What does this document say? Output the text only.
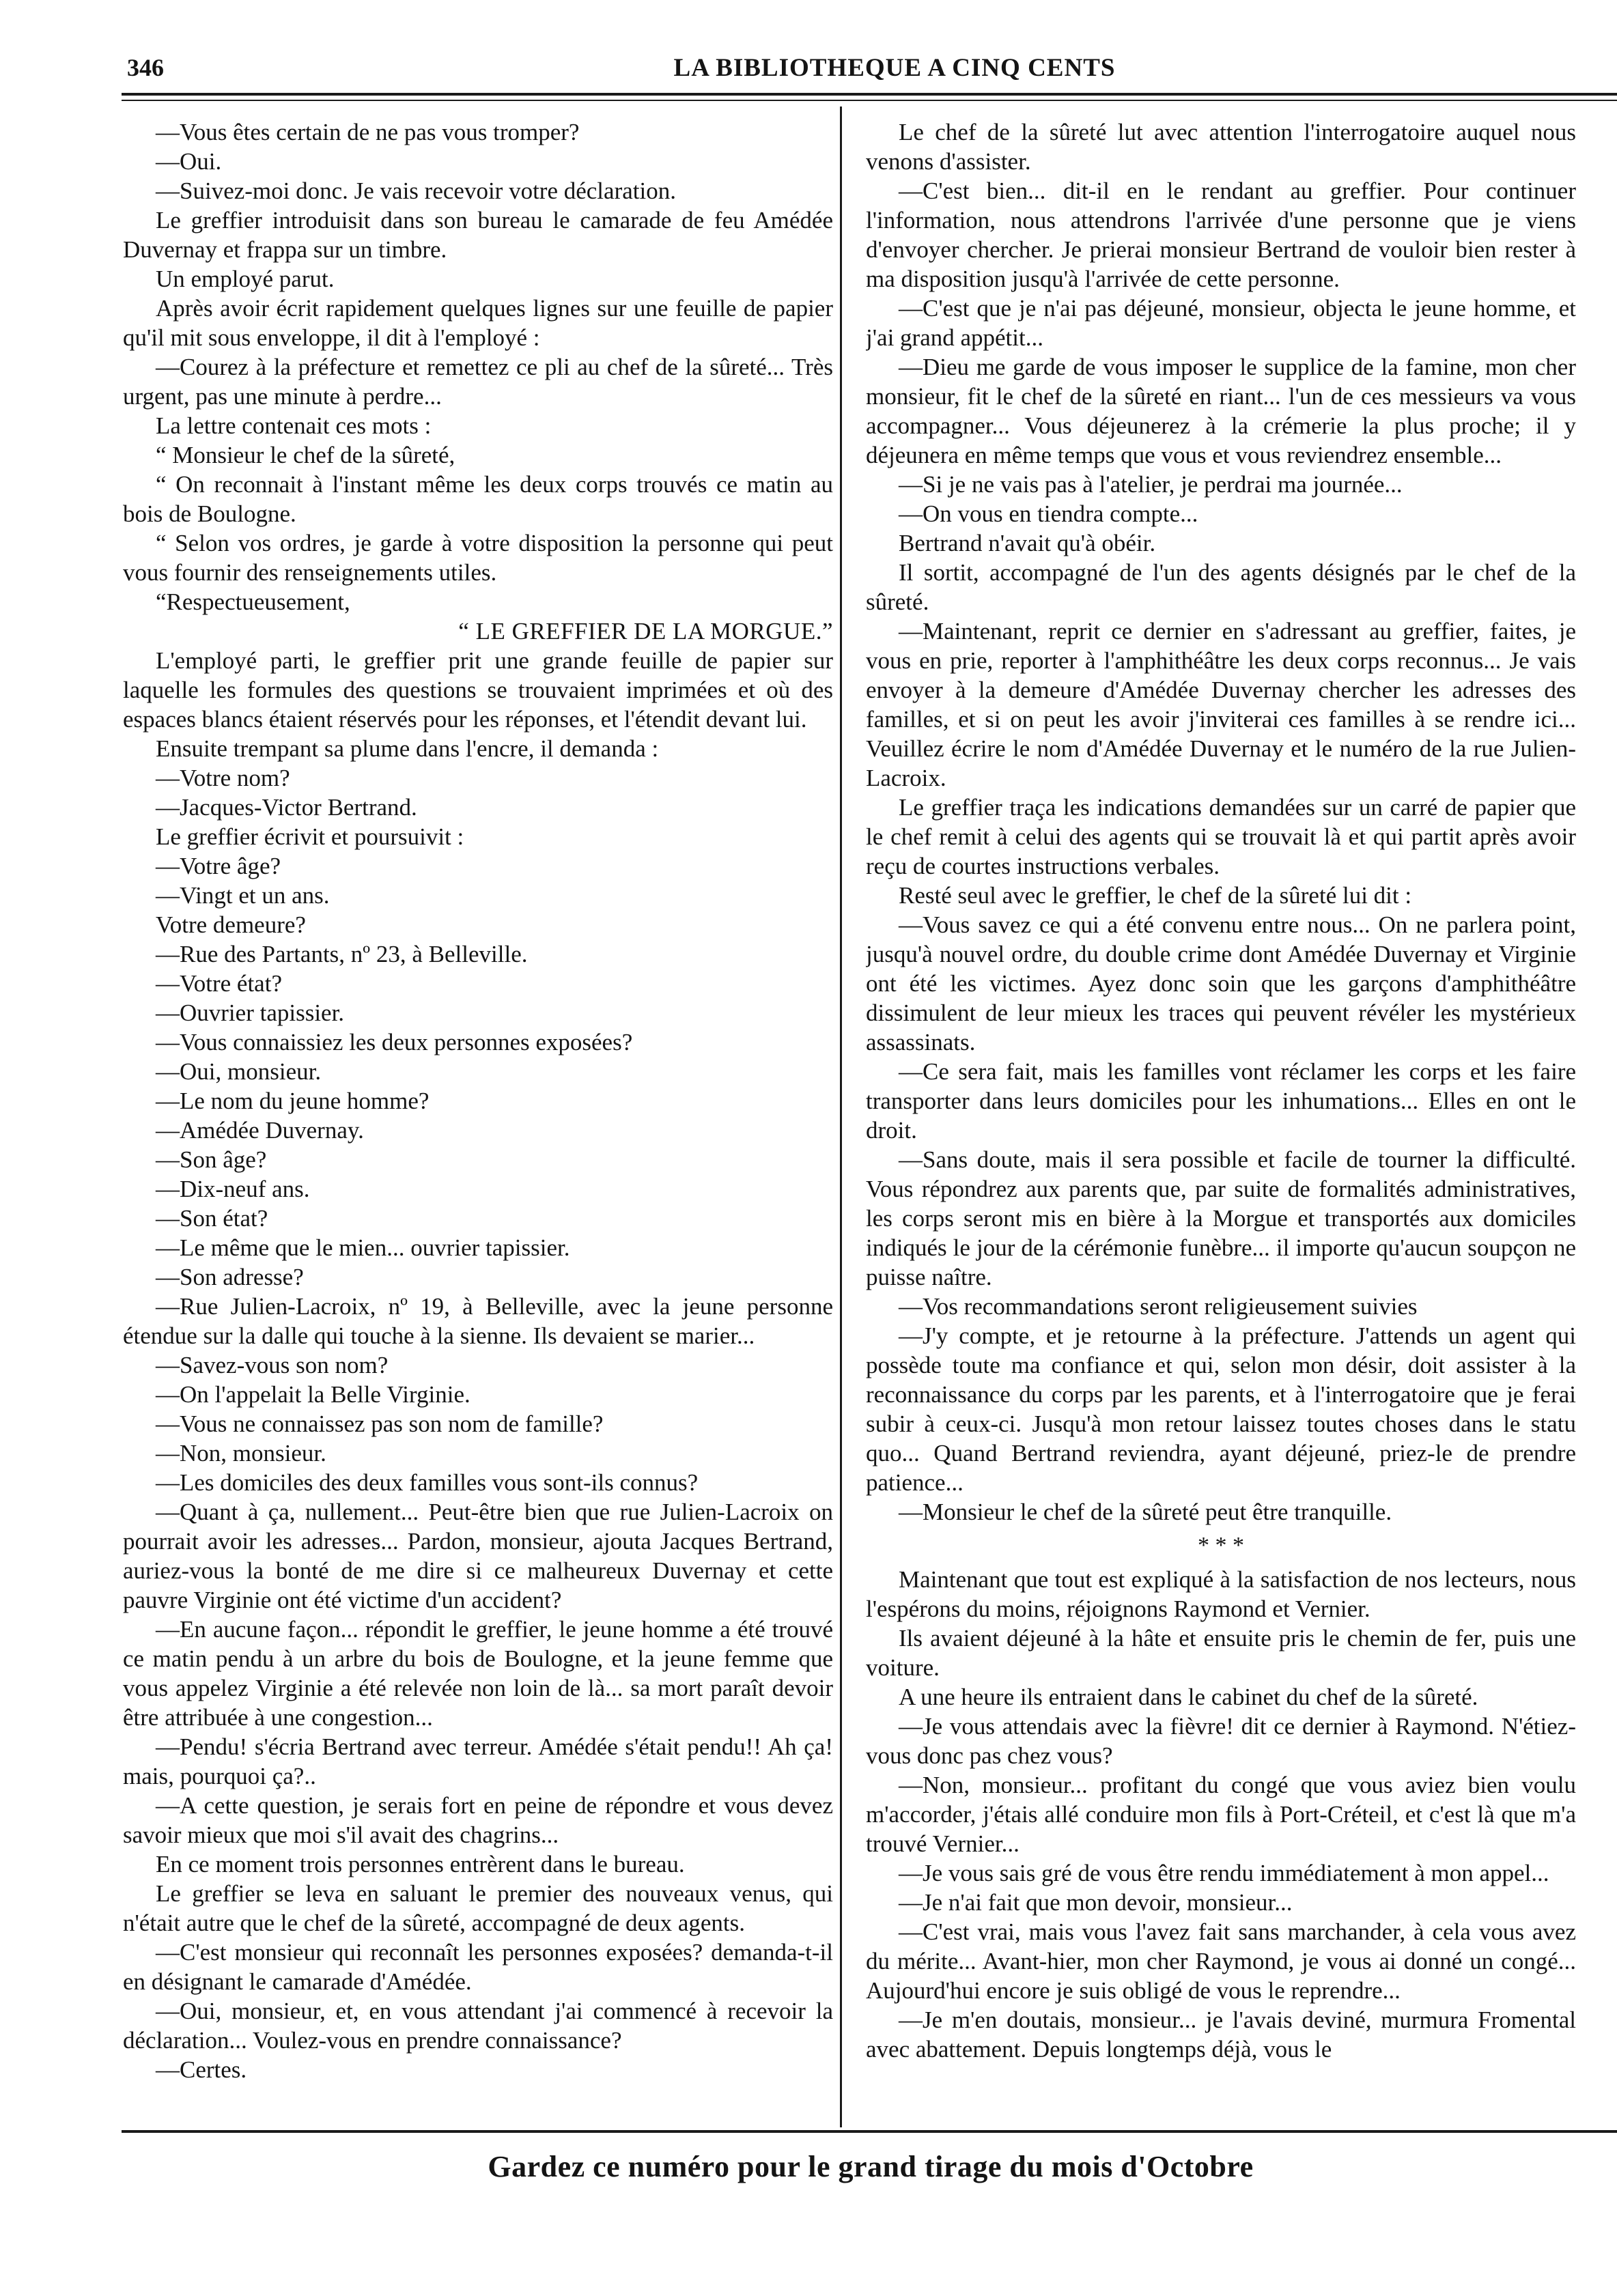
346	LA BIBLIOTHEQUE A CINQ CENTS

—Vous êtes certain de ne pas vous tromper?

—Oui.

—Suivez-moi donc. Je vais recevoir votre déclaration.

Le greffier introduisit dans son bureau le camarade de feu Amédée Duvernay et frappa sur un timbre.

Un employé parut.

Après avoir écrit rapidement quelques lignes sur une feuille de papier qu'il mit sous enveloppe, il dit à l'employé :

—Courez à la préfecture et remettez ce pli au chef de la sûreté... Très urgent, pas une minute à perdre...

La lettre contenait ces mots :

“ Monsieur le chef de la sûreté,

“ On reconnait à l'instant même les deux corps trouvés ce matin au bois de Boulogne.

“ Selon vos ordres, je garde à votre disposition la personne qui peut vous fournir des renseignements utiles.

“Respectueusement,

“ LE GREFFIER DE LA MORGUE.”

L'employé parti, le greffier prit une grande feuille de papier sur laquelle les formules des questions se trouvaient imprimées et où des espaces blancs étaient réservés pour les réponses, et l'étendit devant lui.

Ensuite trempant sa plume dans l'encre, il demanda :

—Votre nom?

—Jacques-Victor Bertrand.

Le greffier écrivit et poursuivit :

—Votre âge?

—Vingt et un ans.

Votre demeure?

—Rue des Partants, nº 23, à Belleville.

—Votre état?

—Ouvrier tapissier.

—Vous connaissiez les deux personnes exposées?

—Oui, monsieur.

—Le nom du jeune homme?

—Amédée Duvernay.

—Son âge?

—Dix-neuf ans.

—Son état?

—Le même que le mien... ouvrier tapissier.

—Son adresse?

—Rue Julien-Lacroix, nº 19, à Belleville, avec la jeune personne étendue sur la dalle qui touche à la sienne. Ils devaient se marier...

—Savez-vous son nom?

—On l'appelait la Belle Virginie.

—Vous ne connaissez pas son nom de famille?

—Non, monsieur.

—Les domiciles des deux familles vous sont-ils connus?

—Quant à ça, nullement... Peut-être bien que rue Julien-Lacroix on pourrait avoir les adresses... Pardon, monsieur, ajouta Jacques Bertrand, auriez-vous la bonté de me dire si ce malheureux Duvernay et cette pauvre Virginie ont été victime d'un accident?

—En aucune façon... répondit le greffier, le jeune homme a été trouvé ce matin pendu à un arbre du bois de Boulogne, et la jeune femme que vous appelez Virginie a été relevée non loin de là... sa mort paraît devoir être attribuée à une congestion...

—Pendu! s'écria Bertrand avec terreur. Amédée s'était pendu!! Ah ça! mais, pourquoi ça?..

—A cette question, je serais fort en peine de répondre et vous devez savoir mieux que moi s'il avait des chagrins...

En ce moment trois personnes entrèrent dans le bureau.

Le greffier se leva en saluant le premier des nouveaux venus, qui n'était autre que le chef de la sûreté, accompagné de deux agents.

—C'est monsieur qui reconnaît les personnes exposées? demanda-t-il en désignant le camarade d'Amédée.

—Oui, monsieur, et, en vous attendant j'ai commencé à recevoir la déclaration... Voulez-vous en prendre connaissance?

—Certes.

Le chef de la sûreté lut avec attention l'interrogatoire auquel nous venons d'assister.

—C'est bien... dit-il en le rendant au greffier. Pour continuer l'information, nous attendrons l'arrivée d'une personne que je viens d'envoyer chercher. Je prierai monsieur Bertrand de vouloir bien rester à ma disposition jusqu'à l'arrivée de cette personne.

—C'est que je n'ai pas déjeuné, monsieur, objecta le jeune homme, et j'ai grand appétit...

—Dieu me garde de vous imposer le supplice de la famine, mon cher monsieur, fit le chef de la sûreté en riant... l'un de ces messieurs va vous accompagner... Vous déjeunerez à la crémerie la plus proche; il y déjeunera en même temps que vous et vous reviendrez ensemble...

—Si je ne vais pas à l'atelier, je perdrai ma journée...

—On vous en tiendra compte...

Bertrand n'avait qu'à obéir.

Il sortit, accompagné de l'un des agents désignés par le chef de la sûreté.

—Maintenant, reprit ce dernier en s'adressant au greffier, faites, je vous en prie, reporter à l'amphithéâtre les deux corps reconnus... Je vais envoyer à la demeure d'Amédée Duvernay chercher les adresses des familles, et si on peut les avoir j'inviterai ces familles à se rendre ici... Veuillez écrire le nom d'Amédée Duvernay et le numéro de la rue Julien-Lacroix.

Le greffier traça les indications demandées sur un carré de papier que le chef remit à celui des agents qui se trouvait là et qui partit après avoir reçu de courtes instructions verbales.

Resté seul avec le greffier, le chef de la sûreté lui dit :

—Vous savez ce qui a été convenu entre nous... On ne parlera point, jusqu'à nouvel ordre, du double crime dont Amédée Duvernay et Virginie ont été les victimes. Ayez donc soin que les garçons d'amphithéâtre dissimulent de leur mieux les traces qui peuvent révéler les mystérieux assassinats.

—Ce sera fait, mais les familles vont réclamer les corps et les faire transporter dans leurs domiciles pour les inhumations... Elles en ont le droit.

—Sans doute, mais il sera possible et facile de tourner la difficulté. Vous répondrez aux parents que, par suite de formalités administratives, les corps seront mis en bière à la Morgue et transportés aux domiciles indiqués le jour de la cérémonie funèbre... il importe qu'aucun soupçon ne puisse naître.

—Vos recommandations seront religieusement suivies

—J'y compte, et je retourne à la préfecture. J'attends un agent qui possède toute ma confiance et qui, selon mon désir, doit assister à la reconnaissance du corps par les parents, et à l'interrogatoire que je ferai subir à ceux-ci. Jusqu'à mon retour laissez toutes choses dans le statu quo... Quand Bertrand reviendra, ayant déjeuné, priez-le de prendre patience...

—Monsieur le chef de la sûreté peut être tranquille.

* * *

Maintenant que tout est expliqué à la satisfaction de nos lecteurs, nous l'espérons du moins, réjoignons Raymond et Vernier.

Ils avaient déjeuné à la hâte et ensuite pris le chemin de fer, puis une voiture.

A une heure ils entraient dans le cabinet du chef de la sûreté.

—Je vous attendais avec la fièvre! dit ce dernier à Raymond. N'étiez-vous donc pas chez vous?

—Non, monsieur... profitant du congé que vous aviez bien voulu m'accorder, j'étais allé conduire mon fils à Port-Créteil, et c'est là que m'a trouvé Vernier...

—Je vous sais gré de vous être rendu immédiatement à mon appel...

—Je n'ai fait que mon devoir, monsieur...

—C'est vrai, mais vous l'avez fait sans marchander, à cela vous avez du mérite... Avant-hier, mon cher Raymond, je vous ai donné un congé... Aujourd'hui encore je suis obligé de vous le reprendre...

—Je m'en doutais, monsieur... je l'avais deviné, murmura Fromental avec abattement. Depuis longtemps déjà, vous le

Gardez ce numéro pour le grand tirage du mois d'Octobre
